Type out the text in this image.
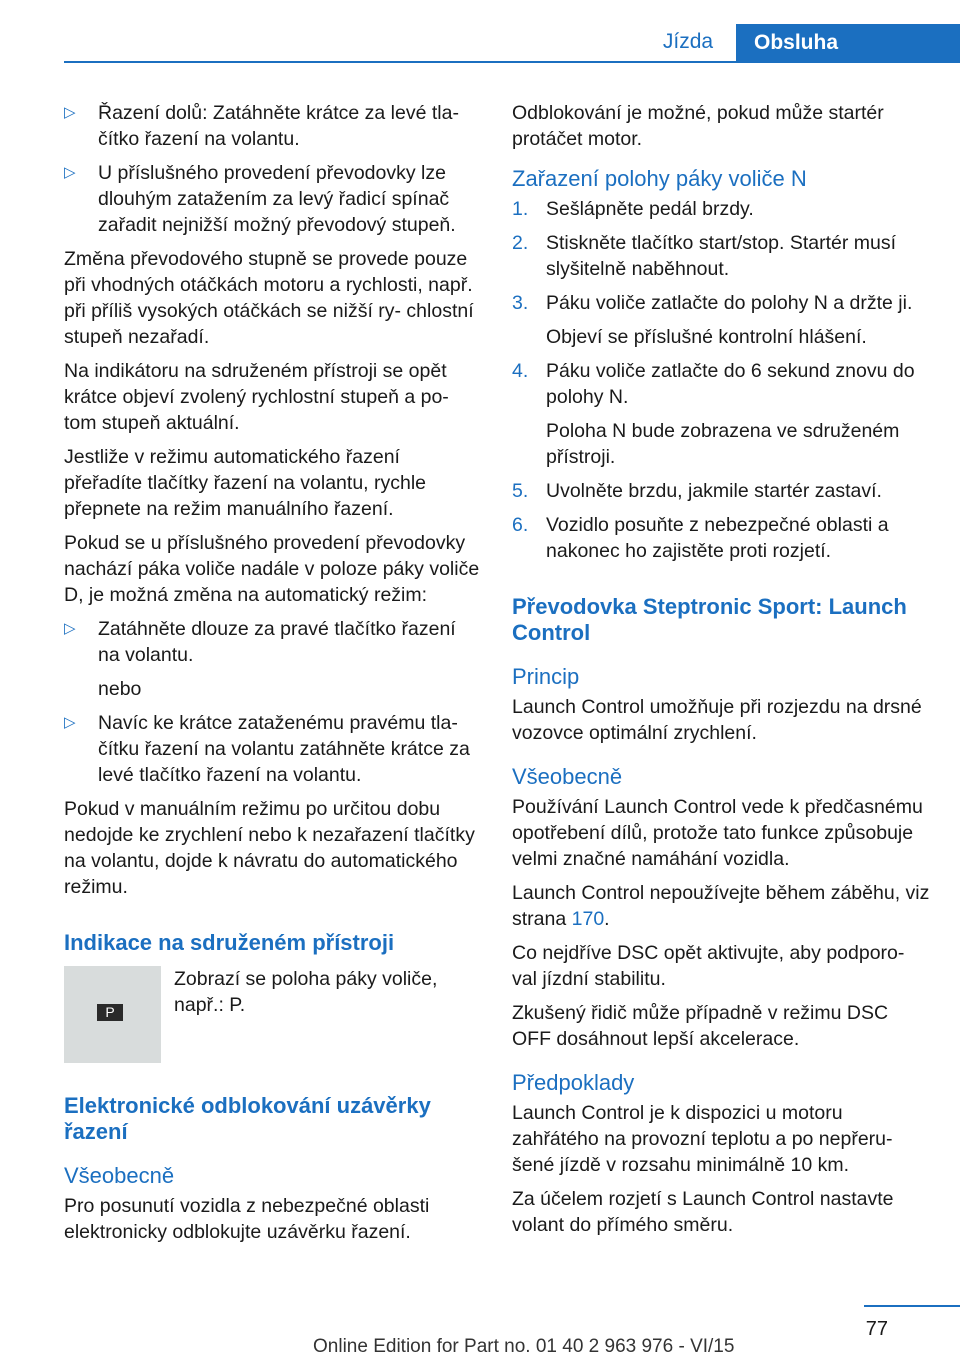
Jízda	Obsluha
▷ Řazení dolů: Zatáhněte krátce za levé tla‐ čítko řazení na volantu.
▷ U příslušného provedení převodovky lze dlouhým zatažením za levý řadicí spínač zařadit nejnižší možný převodový stupeň.

Změna převodového stupně se provede pouze při vhodných otáčkách motoru a rychlosti, např. při příliš vysokých otáčkách se nižší ry‐ chlostní stupeň nezařadí.

Na indikátoru na sdruženém přístroji se opět krátce objeví zvolený rychlostní stupeň a po‐ tom stupeň aktuální.

Jestliže v režimu automatického řazení přeřadíte tlačítky řazení na volantu, rychle přepnete na režim manuálního řazení.

Pokud se u příslušného provedení převodovky nachází páka voliče nadále v poloze páky voliče D, je možná změna na automatický režim:

▷ Zatáhněte dlouze za pravé tlačítko řazení na volantu.
nebo
▷ Navíc ke krátce zataženému pravému tla‐ čítku řazení na volantu zatáhněte krátce za levé tlačítko řazení na volantu.

Pokud v manuálním režimu po určitou dobu nedojde ke zrychlení nebo k nezařazení tlačítky na volantu, dojde k návratu do automatického režimu.

Indikace na sdruženém přístroji
P
Zobrazí se poloha páky voliče, např.: P.
Elektronické odblokování uzávěrky řazení
Všeobecně

Pro posunutí vozidla z nebezpečné oblasti elektronicky odblokujte uzávěrku řazení.

Odblokování je možné, pokud může startér protáčet motor.

Zařazení polohy páky voliče N
1. Sešlápněte pedál brzdy.
2. Stiskněte tlačítko start/stop. Startér musí slyšitelně naběhnout.
3. Páku voliče zatlačte do polohy N a držte ji.
Objeví se příslušné kontrolní hlášení.
4. Páku voliče zatlačte do 6 sekund znovu do polohy N.
Poloha N bude zobrazena ve sdruženém přístroji.
5. Uvolněte brzdu, jakmile startér zastaví.
6. Vozidlo posuňte z nebezpečné oblasti a nakonec ho zajistěte proti rozjetí.
Převodovka Steptronic Sport: Launch Control
Princip

Launch Control umožňuje při rozjezdu na drsné vozovce optimální zrychlení.

Všeobecně

Používání Launch Control vede k předčasnému opotřebení dílů, protože tato funkce způsobuje velmi značné namáhání vozidla.

Launch Control nepoužívejte během záběhu, viz strana 170.

Co nejdříve DSC opět aktivujte, aby podporo‐ val jízdní stabilitu.

Zkušený řidič může případně v režimu DSC OFF dosáhnout lepší akcelerace.

Předpoklady

Launch Control je k dispozici u motoru zahřátého na provozní teplotu a po nepřeru‐ šené jízdě v rozsahu minimálně 10 km.

Za účelem rozjetí s Launch Control nastavte volant do přímého směru.

77
Online Edition for Part no. 01 40 2 963 976 - VI/15
